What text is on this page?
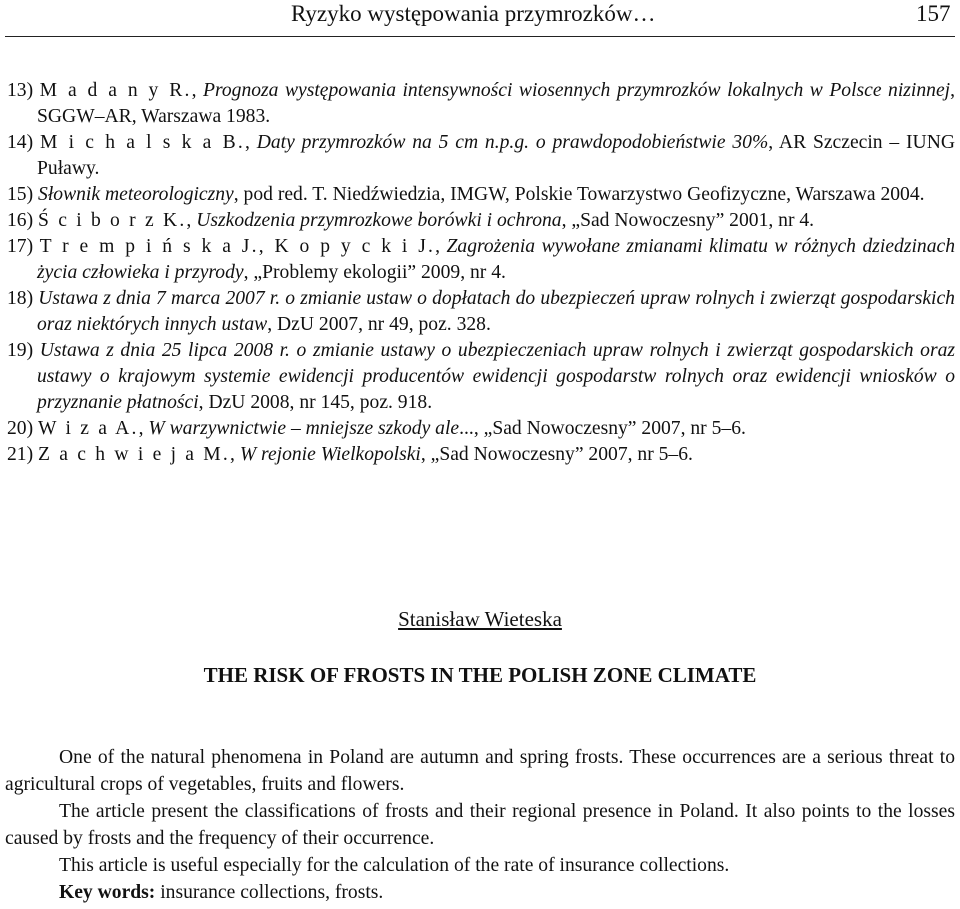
Ryzyko występowania przymrozków…	157
13) M a d a n y R., Prognoza występowania intensywności wiosennych przymrozków lokalnych w Polsce nizinnej, SGGW–AR, Warszawa 1983.
14) M i c h a l s k a B., Daty przymrozków na 5 cm n.p.g. o prawdopodobieństwie 30%, AR Szczecin – IUNG Puławy.
15) Słownik meteorologiczny, pod red. T. Niedźwiedzia, IMGW, Polskie Towarzystwo Geofizyczne, Warszawa 2004.
16) Ś c i b o r z K., Uszkodzenia przymrozkowe borówki i ochrona, „Sad Nowoczesny” 2001, nr 4.
17) T r e m p i ń s k a J., K o p y c k i J., Zagrożenia wywołane zmianami klimatu w różnych dziedzinach życia człowieka i przyrody, „Problemy ekologii” 2009, nr 4.
18) Ustawa z dnia 7 marca 2007 r. o zmianie ustaw o dopłatach do ubezpieczeń upraw rolnych i zwierząt gospodarskich oraz niektórych innych ustaw, DzU 2007, nr 49, poz. 328.
19) Ustawa z dnia 25 lipca 2008 r. o zmianie ustawy o ubezpieczeniach upraw rolnych i zwierząt gospodarskich oraz ustawy o krajowym systemie ewidencji producentów ewidencji gospodarstw rolnych oraz ewidencji wniosków o przyznanie płatności, DzU 2008, nr 145, poz. 918.
20) W i z a A., W warzywnictwie – mniejsze szkody ale..., „Sad Nowoczesny” 2007, nr 5–6.
21) Z a c h w i e j a M., W rejonie Wielkopolski, „Sad Nowoczesny” 2007, nr 5–6.
Stanisław Wieteska
THE RISK OF FROSTS IN THE POLISH ZONE CLIMATE

One of the natural phenomena in Poland are autumn and spring frosts. These occurrences are a serious threat to agricultural crops of vegetables, fruits and flowers.

The article present the classifications of frosts and their regional presence in Poland. It also points to the losses caused by frosts and the frequency of their occurrence.

This article is useful especially for the calculation of the rate of insurance collections.

Key words: insurance collections, frosts.
